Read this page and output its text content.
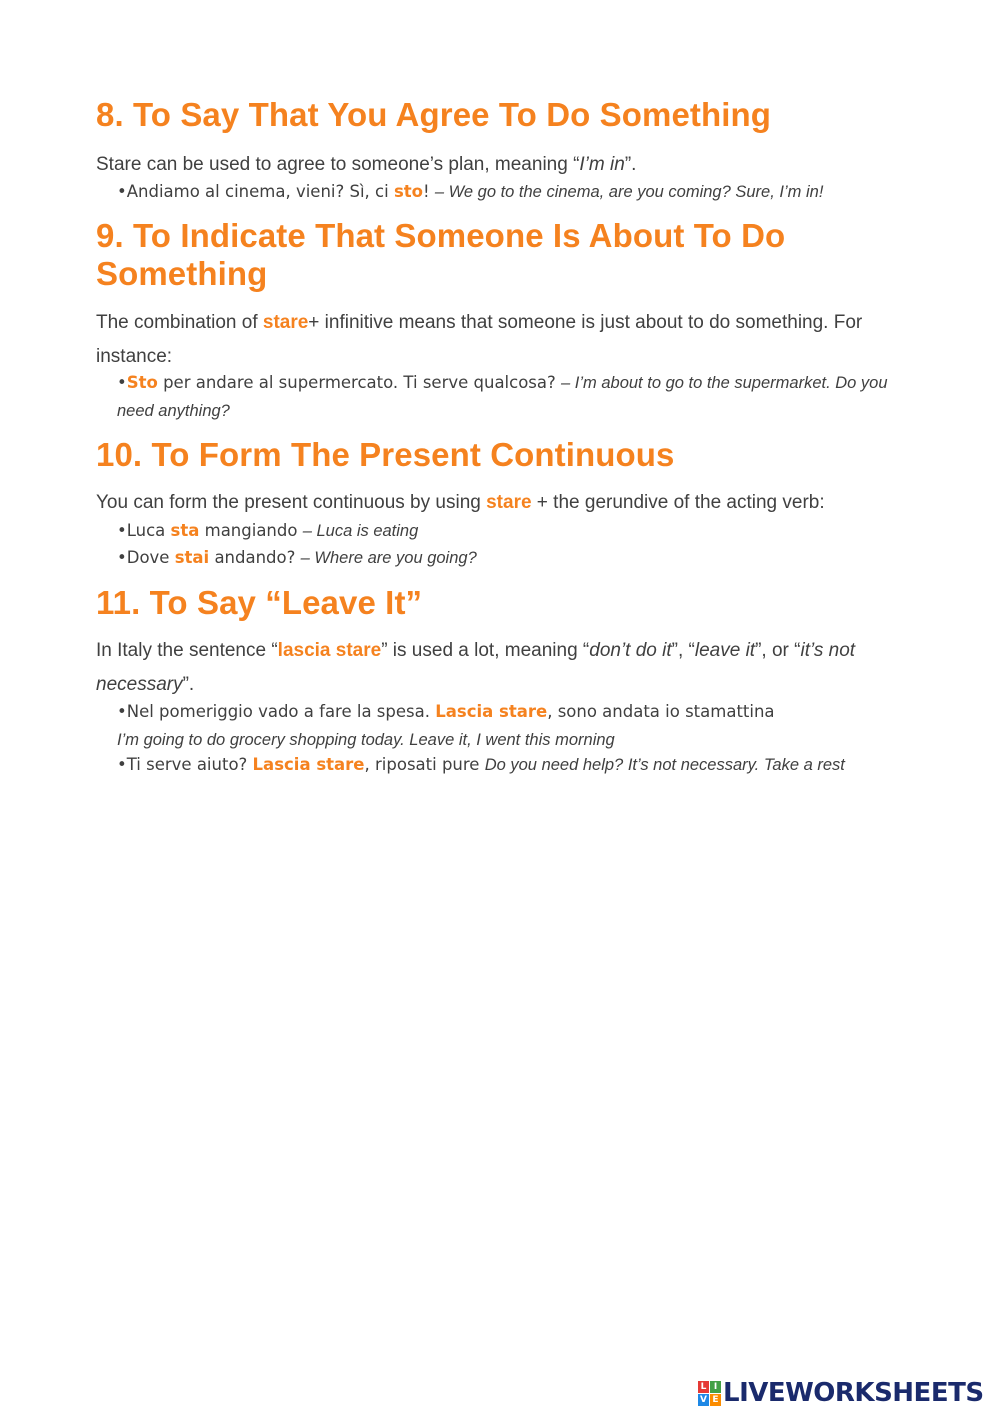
8. To Say That You Agree To Do Something
Stare can be used to agree to someone’s plan, meaning “I’m in”.
•Andiamo al cinema, vieni? Sì, ci sto! – We go to the cinema, are you coming? Sure, I’m in!
9. To Indicate That Someone Is About To Do
Something
The combination of stare+ infinitive means that someone is just about to do something. For instance:
•Sto per andare al supermercato. Ti serve qualcosa? – I’m about to go to the supermarket. Do you need anything?
10. To Form The Present Continuous
You can form the present continuous by using stare + the gerundive of the acting verb:
•Luca sta mangiando – Luca is eating
•Dove stai andando? – Where are you going?
11. To Say “Leave It”
In Italy the sentence “lascia stare” is used a lot, meaning “don’t do it”, “leave it”, or “it’s not necessary”.
•Nel pomeriggio vado a fare la spesa. Lascia stare, sono andata io stamattina
I’m going to do grocery shopping today. Leave it, I went this morning
•Ti serve aiuto? Lascia stare, riposati pure Do you need help? It’s not necessary. Take a rest
L I
V E LIVEWORKSHEETS
